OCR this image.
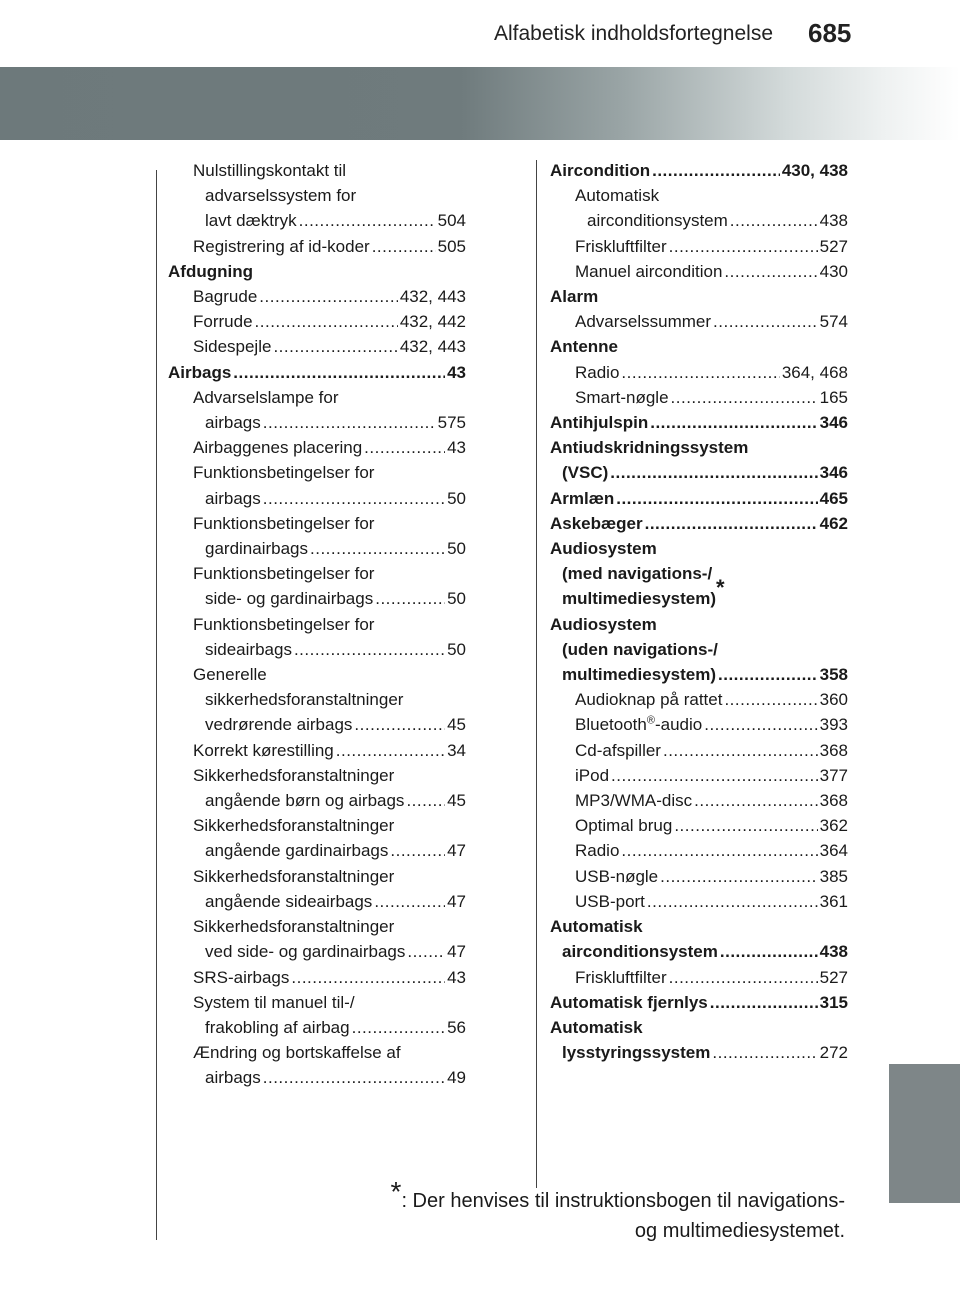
Alfabetisk indholdsfortegnelse 685
Nulstillingskontakt til
advarselssystem for
lavt dæktryk .....	504
Registrering af id-koder .....	505
Afdugning
Bagrude .....	432, 443
Forrude .....	432, 442
Sidespejle .....	432, 443
Airbags .....	43
Advarselslampe for
airbags .....	575
Airbaggenes placering .....	43
Funktionsbetingelser for
airbags .....	50
Funktionsbetingelser for
gardinairbags .....	50
Funktionsbetingelser for
side- og gardinairbags .....	50
Funktionsbetingelser for
sideairbags .....	50
Generelle
sikkerhedsforanstaltninger
vedrørende airbags .....	45
Korrekt kørestilling .....	34
Sikkerhedsforanstaltninger
angående børn og airbags .....	45
Sikkerhedsforanstaltninger
angående gardinairbags .....	47
Sikkerhedsforanstaltninger
angående sideairbags .....	47
Sikkerhedsforanstaltninger
ved side- og gardinairbags ..... 47
SRS-airbags .....	43
System til manuel til-/
frakobling af airbag .....	56
Ændring og bortskaffelse af
airbags .....	49
Aircondition .....	430, 438
Automatisk
airconditionsystem .....	438
Friskluftfilter .....	527
Manuel aircondition .....	430
Alarm
Advarselssummer .....	574
Antenne
Radio .....	364, 468
Smart-nøgle .....	165
Antihjulspin .....	346
Antiudskridningssystem
(VSC) .....	346
Armlæn .....	465
Askebæger .....	462
Audiosystem
(med navigations-/
multimediesystem)*
Audiosystem
(uden navigations-/
multimediesystem) .....	358
Audioknap på rattet .....	360
Bluetooth®-audio .....	393
Cd-afspiller .....	368
iPod .....	377
MP3/WMA-disc .....	368
Optimal brug .....	362
Radio .....	364
USB-nøgle .....	385
USB-port .....	361
Automatisk
airconditionsystem .....	438
Friskluftfilter .....	527
Automatisk fjernlys .....	315
Automatisk
lysstyringssystem .....	272
*: Der henvises til instruktionsbogen til navigations-
og multimediesystemet.
